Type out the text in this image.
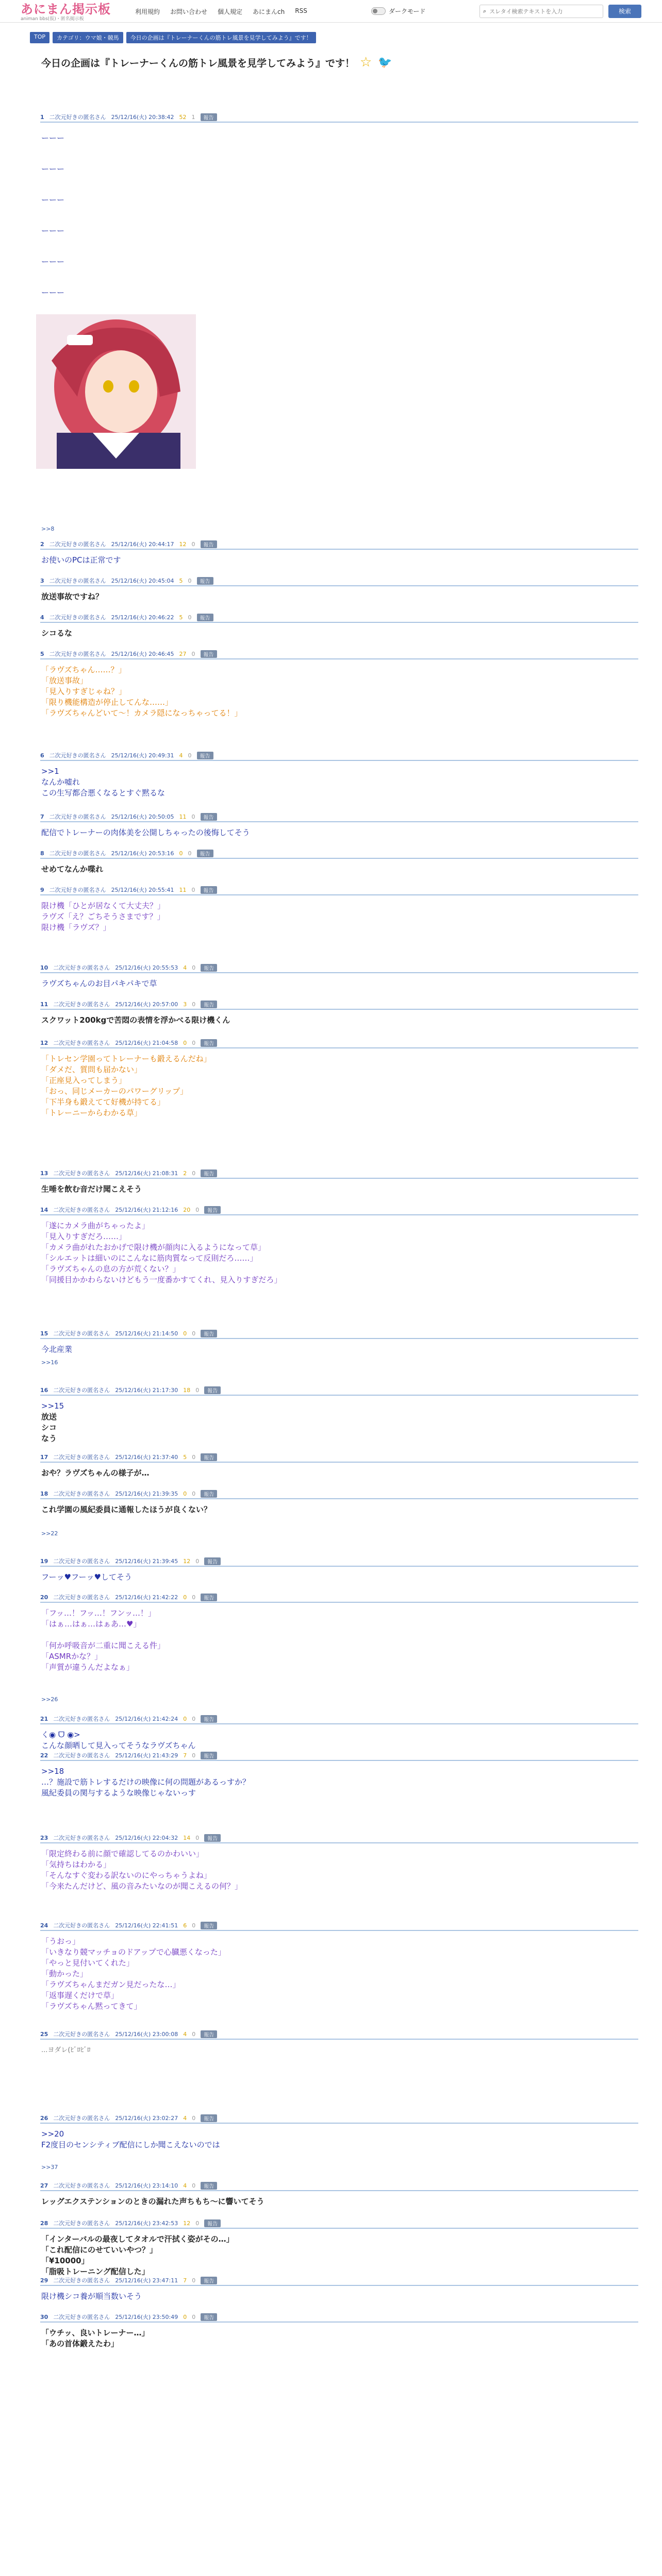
あにまん掲示板
animan bbs(仮)・匿名掲示板
利用規約 お問い合わせ 個人規定 あにまんch RSS	ダークモード	⌕
スレタイ検索テキストを入力	検索
TOP	カテゴリ：ウマ娘・競馬	今日の企画は『トレーナーくんの筋トレ風景を見学してみよう』です！
今日の企画は『トレーナーくんの筋トレ風景を見学してみよう』です！ ☆ 🐦
1 二次元好きの匿名さん 25/12/16(火) 20:38:42 52 1	報告
ーーー
ーーー
ーーー
ーーー
ーーー
ーーー
2 二次元好きの匿名さん 25/12/16(火) 20:44:17 12 0	報告
お使いのPCは正常です
3 二次元好きの匿名さん 25/12/16(火) 20:45:04 5 0	報告
放送事故ですね？
4 二次元好きの匿名さん 25/12/16(火) 20:46:22 5 0	報告
シコるな
5 二次元好きの匿名さん 25/12/16(火) 20:46:45 27 0	報告
「ラヴズちゃん……？」
「放送事故」
「見入りすぎじゃね？」
「限り機能構造が停止してんな……」
「ラヴズちゃんどいて〜！カメラ隠になっちゃってる！」
6 二次元好きの匿名さん 25/12/16(火) 20:49:31 4 0	報告
>>1
なんか嘘れ
この生写都合悪くなるとすぐ黙るな
7 二次元好きの匿名さん 25/12/16(火) 20:50:05 11 0	報告
配信でトレーナーの肉体美を公開しちゃったの後悔してそう
8 二次元好きの匿名さん 25/12/16(火) 20:53:16 0 0	報告
せめてなんか喋れ
9 二次元好きの匿名さん 25/12/16(火) 20:55:41 11 0	報告
限け機「ひとが居なくて大丈夫？」
ラヴズ「え？ごちそうさまです？」
限け機「ラヴズ？」
10 二次元好きの匿名さん 25/12/16(火) 20:55:53 4 0	報告
ラヴズちゃんのお目パキパキで草
11 二次元好きの匿名さん 25/12/16(火) 20:57:00 3 0	報告
スクワット200kgで苦悶の表情を浮かべる限け機くん
12 二次元好きの匿名さん 25/12/16(火) 21:04:58 0 0	報告
「トレセン学園ってトレーナーも鍛えるんだね」
「ダメだ、質問も届かない」
「正座見入ってしまう」
「おっ、同じメーカーのパワーグリップ」
「下半身も鍛えてて好機が持てる」
「トレーニーからわかる草」
13 二次元好きの匿名さん 25/12/16(火) 21:08:31 2 0	報告
生唾を飲む音だけ聞こえそう
14 二次元好きの匿名さん 25/12/16(火) 21:12:16 20 0	報告
「遂にカメラ曲がちゃったよ」
「見入りすぎだろ……」
「カメラ曲がれたおかげで限け機が顔肉に入るようになって草」
「シルエットは細いのにこんなに筋肉質なって反則だろ……」
「ラヴズちゃんの息の方が荒くない？」
「同援目かかわらないけどもう一度番かすてくれ、見入りすぎだろ」
15 二次元好きの匿名さん 25/12/16(火) 21:14:50 0 0	報告
今北産業
16 二次元好きの匿名さん 25/12/16(火) 21:17:30 18 0	報告
>>15
放送
シコ
なう
17 二次元好きの匿名さん 25/12/16(火) 21:37:40 5 0	報告
おや？ラヴズちゃんの様子が…
18 二次元好きの匿名さん 25/12/16(火) 21:39:35 0 0	報告
これ学園の風紀委員に通報したほうが良くない？
19 二次元好きの匿名さん 25/12/16(火) 21:39:45 12 0	報告
フーッ♥フーッ♥してそう
20 二次元好きの匿名さん 25/12/16(火) 21:42:22 0 0	報告
「フッ…！フッ…！フンッ…！」
「はぁ…はぁ…はぁあ…♥」
「何か呼吸音が二重に聞こえる件」
「ASMRかな？」
「声質が違うんだよなぁ」
21 二次元好きの匿名さん 25/12/16(火) 21:42:24 0 0	報告
く◉ ᗜ ◉>
こんな顔晒して見入ってそうなラヴズちゃん
22 二次元好きの匿名さん 25/12/16(火) 21:43:29 7 0	報告
>>18
…？施設で筋トレするだけの映像に何の問題があるっすか？
風紀委員の関与するような映像じゃないっす
23 二次元好きの匿名さん 25/12/16(火) 22:04:32 14 0	報告
「限定終わる前に顔で確認してるのかわいい」
「気持ちはわかる」
「そんなすぐ変わる訳ないのにやっちゃうよね」
「今来たんだけど、風の音みたいなのが聞こえるの何？」
24 二次元好きの匿名さん 25/12/16(火) 22:41:51 6 0	報告
「うおっ」
「いきなり競マッチョのドアップで心臓悪くなった」
「やっと見付いてくれた」
「動かった」
「ラヴズちゃんまだガン見だったな…」
「返事遅くだけで草」
「ラヴズちゃん黙ってきて」
25 二次元好きの匿名さん 25/12/16(火) 23:00:08 4 0	報告
...ヨダレ(ﾋﾞﾛﾋﾞﾛ
26 二次元好きの匿名さん 25/12/16(火) 23:02:27 4 0	報告
>>20
F2度目のセンシティブ配信にしか聞こえないのでは
27 二次元好きの匿名さん 25/12/16(火) 23:14:10 4 0	報告
レッグエクステンションのときの漏れた声ちもち〜に響いてそう
28 二次元好きの匿名さん 25/12/16(火) 23:42:53 12 0	報告
「インターバルの最夜してタオルで汗拭く姿がその…」
「これ配信にのせていいやつ？」
「¥10000」
「脂吸トレーニング配信した」
29 二次元好きの匿名さん 25/12/16(火) 23:47:11 7 0	報告
限け機シコ養が順当数いそう
30 二次元好きの匿名さん 25/12/16(火) 23:50:49 0 0	報告
「ウチッ、良いトレーナー…」
「あの首体鍛えたわ」
>>8
>>16
>>22
>>26
>>37
